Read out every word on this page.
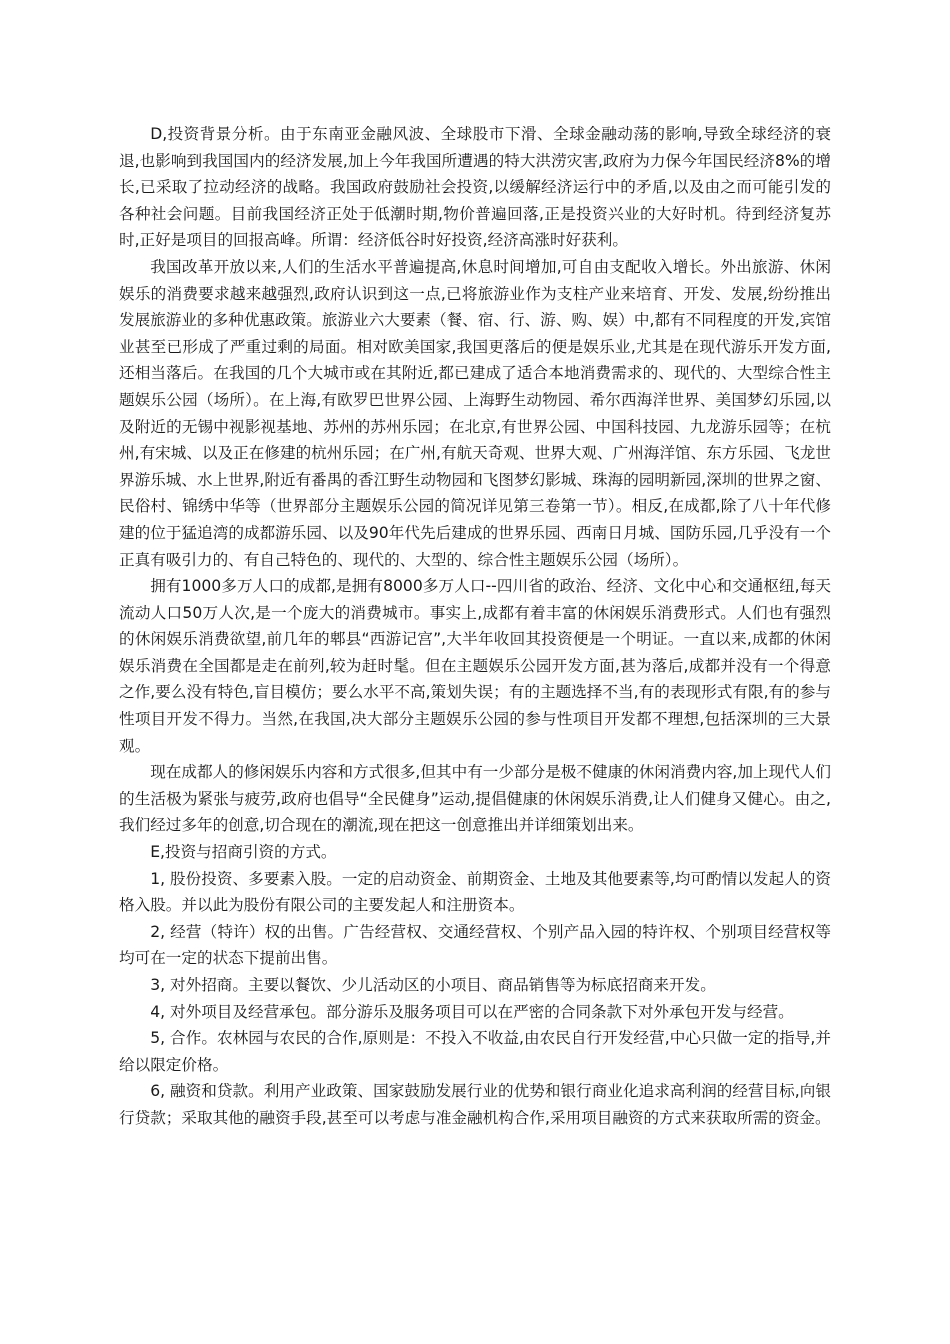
D,投资背景分析。由于东南亚金融风波、全球股市下滑、全球金融动荡的影响,导致全球经济的衰退,也影响到我国国内的经济发展,加上今年我国所遭遇的特大洪涝灾害,政府为力保今年国民经济8%的增长,已采取了拉动经济的战略。我国政府鼓励社会投资,以缓解经济运行中的矛盾,以及由之而可能引发的各种社会问题。目前我国经济正处于低潮时期,物价普遍回落,正是投资兴业的大好时机。待到经济复苏时,正好是项目的回报高峰。所谓：经济低谷时好投资,经济高涨时好获利。

我国改革开放以来,人们的生活水平普遍提高,休息时间增加,可自由支配收入增长。外出旅游、休闲娱乐的消费要求越来越强烈,政府认识到这一点,已将旅游业作为支柱产业来培育、开发、发展,纷纷推出发展旅游业的多种优惠政策。旅游业六大要素（餐、宿、行、游、购、娱）中,都有不同程度的开发,宾馆业甚至已形成了严重过剩的局面。相对欧美国家,我国更落后的便是娱乐业,尤其是在现代游乐开发方面,还相当落后。在我国的几个大城市或在其附近,都已建成了适合本地消费需求的、现代的、大型综合性主题娱乐公园（场所）。在上海,有欧罗巴世界公园、上海野生动物园、希尔西海洋世界、美国梦幻乐园,以及附近的无锡中视影视基地、苏州的苏州乐园；在北京,有世界公园、中国科技园、九龙游乐园等；在杭州,有宋城、以及正在修建的杭州乐园；在广州,有航天奇观、世界大观、广州海洋馆、东方乐园、飞龙世界游乐城、水上世界,附近有番禺的香江野生动物园和飞图梦幻影城、珠海的园明新园,深圳的世界之窗、民俗村、锦绣中华等（世界部分主题娱乐公园的简况详见第三卷第一节）。相反,在成都,除了八十年代修建的位于猛追湾的成都游乐园、以及90年代先后建成的世界乐园、西南日月城、国防乐园,几乎没有一个正真有吸引力的、有自己特色的、现代的、大型的、综合性主题娱乐公园（场所）。

拥有1000多万人口的成都,是拥有8000多万人口--四川省的政治、经济、文化中心和交通枢纽,每天流动人口50万人次,是一个庞大的消费城市。事实上,成都有着丰富的休闲娱乐消费形式。人们也有强烈的休闲娱乐消费欲望,前几年的郫县“西游记宫”,大半年收回其投资便是一个明证。一直以来,成都的休闲娱乐消费在全国都是走在前列,较为赶时髦。但在主题娱乐公园开发方面,甚为落后,成都并没有一个得意之作,要么没有特色,盲目模仿；要么水平不高,策划失误；有的主题选择不当,有的表现形式有限,有的参与性项目开发不得力。当然,在我国,决大部分主题娱乐公园的参与性项目开发都不理想,包括深圳的三大景观。

现在成都人的修闲娱乐内容和方式很多,但其中有一少部分是极不健康的休闲消费内容,加上现代人们的生活极为紧张与疲劳,政府也倡导“全民健身”运动,提倡健康的休闲娱乐消费,让人们健身又健心。由之,我们经过多年的创意,切合现在的潮流,现在把这一创意推出并详细策划出来。

E,投资与招商引资的方式。

1, 股份投资、多要素入股。一定的启动资金、前期资金、土地及其他要素等,均可酌情以发起人的资格入股。并以此为股份有限公司的主要发起人和注册资本。

2, 经营（特许）权的出售。广告经营权、交通经营权、个别产品入园的特许权、个别项目经营权等均可在一定的状态下提前出售。

3, 对外招商。主要以餐饮、少儿活动区的小项目、商品销售等为标底招商来开发。

4, 对外项目及经营承包。部分游乐及服务项目可以在严密的合同条款下对外承包开发与经营。

5, 合作。农林园与农民的合作,原则是：不投入不收益,由农民自行开发经营,中心只做一定的指导,并给以限定价格。

6, 融资和贷款。利用产业政策、国家鼓励发展行业的优势和银行商业化追求高利润的经营目标,向银行贷款；采取其他的融资手段,甚至可以考虑与准金融机构合作,采用项目融资的方式来获取所需的资金。
